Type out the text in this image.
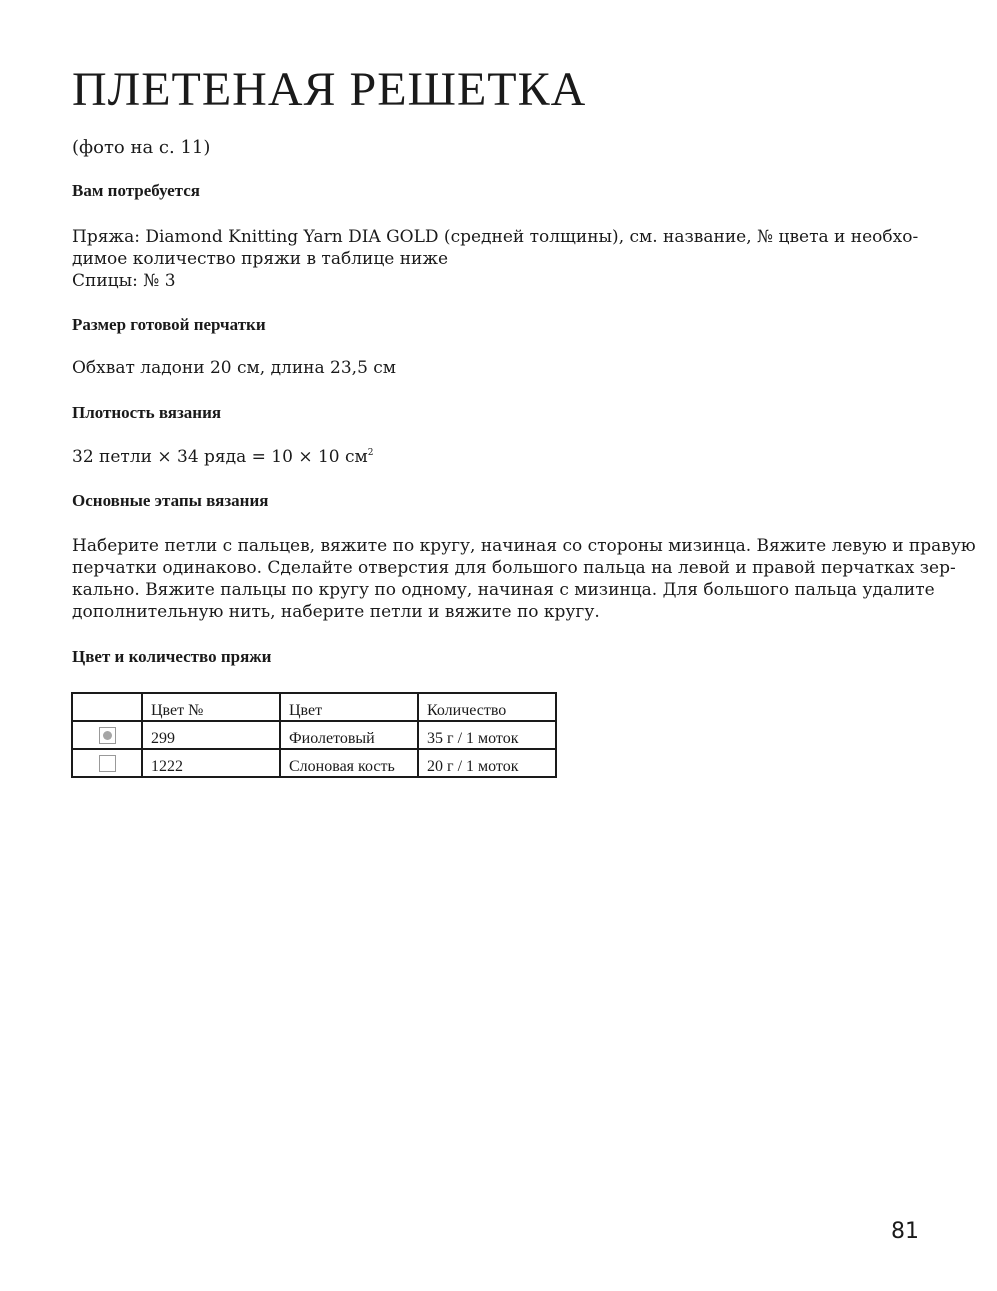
ПЛЕТЕНАЯ РЕШЕТКА
(фото на с. 11)
Вам потребуется
Пряжа: Diamond Knitting Yarn DIA GOLD (средней толщины), см. название, № цвета и необхо-
димое количество пряжи в таблице ниже
Спицы: № 3
Размер готовой перчатки
Обхват ладони 20 см, длина 23,5 см
Плотность вязания
32 петли × 34 ряда = 10 × 10 $см^2$
Основные этапы вязания
Наберите петли с пальцев, вяжите по кругу, начиная со стороны мизинца. Вяжите левую и правую
перчатки одинаково. Сделайте отверстия для большого пальца на левой и правой перчатках зер-
кально. Вяжите пальцы по кругу по одному, начиная с мизинца. Для большого пальца удалите
дополнительную нить, наберите петли и вяжите по кругу.
Цвет и количество пряжи
	Цвет №	Цвет	Количество
	299	Фиолетовый	35 г / 1 моток
	1222	Слоновая кость	20 г / 1 моток
81
